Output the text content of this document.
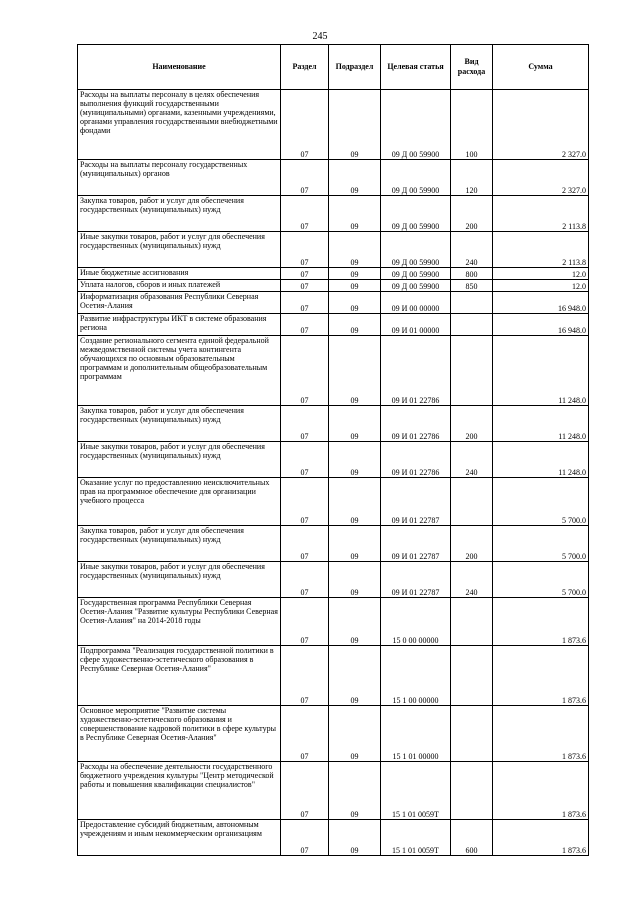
245
Наименование	Раздел	Подраздел	Целевая статья	Вид расхода	Сумма
Расходы на выплаты персоналу в целях обеспечения выполнения функций государственными (муниципальными) органами, казенными учреждениями, органами управления государственными внебюджетными фондами	07	09	09 Д 00 59900	100	2 327.0
Расходы на выплаты персоналу государственных (муниципальных) органов	07	09	09 Д 00 59900	120	2 327.0
Закупка товаров, работ и услуг для обеспечения государственных (муниципальных) нужд	07	09	09 Д 00 59900	200	2 113.8
Иные закупки товаров, работ и услуг для обеспечения государственных (муниципальных) нужд	07	09	09 Д 00 59900	240	2 113.8
Иные бюджетные ассигнования	07	09	09 Д 00 59900	800	12.0
Уплата налогов, сборов и иных платежей	07	09	09 Д 00 59900	850	12.0
Информатизация образования Республики Северная Осетия-Алания	07	09	09 И 00 00000		16 948.0
Развитие инфраструктуры ИКТ в системе образования региона	07	09	09 И 01 00000		16 948.0
Создание регионального сегмента единой федеральной межведомственной системы учета контингента обучающихся по основным образовательным программам и дополнительным общеобразовательным программам	07	09	09 И 01 22786		11 248.0
Закупка товаров, работ и услуг для обеспечения государственных (муниципальных) нужд	07	09	09 И 01 22786	200	11 248.0
Иные закупки товаров, работ и услуг для обеспечения государственных (муниципальных) нужд	07	09	09 И 01 22786	240	11 248.0
Оказание услуг по предоставлению неисключительных прав на программное обеспечение для организации учебного процесса	07	09	09 И 01 22787		5 700.0
Закупка товаров, работ и услуг для обеспечения государственных (муниципальных) нужд	07	09	09 И 01 22787	200	5 700.0
Иные закупки товаров, работ и услуг для обеспечения государственных (муниципальных) нужд	07	09	09 И 01 22787	240	5 700.0
Государственная программа Республики Северная Осетия-Алания "Развитие культуры Республики Северная Осетия-Алания" на 2014-2018 годы	07	09	15 0 00 00000		1 873.6
Подпрограмма "Реализация государственной политики в сфере художественно-эстетического образования в Республике Северная Осетия-Алания"	07	09	15 1 00 00000		1 873.6
Основное мероприятие "Развитие системы художественно-эстетического образования и совершенствование кадровой политики в сфере культуры в Республике Северная Осетия-Алания"	07	09	15 1 01 00000		1 873.6
Расходы на обеспечение деятельности государственного бюджетного учреждения культуры "Центр методической работы и повышения квалификации специалистов"	07	09	15 1 01 0059Т		1 873.6
Предоставление субсидий бюджетным, автономным учреждениям и иным некоммерческим организациям	07	09	15 1 01 0059Т	600	1 873.6
